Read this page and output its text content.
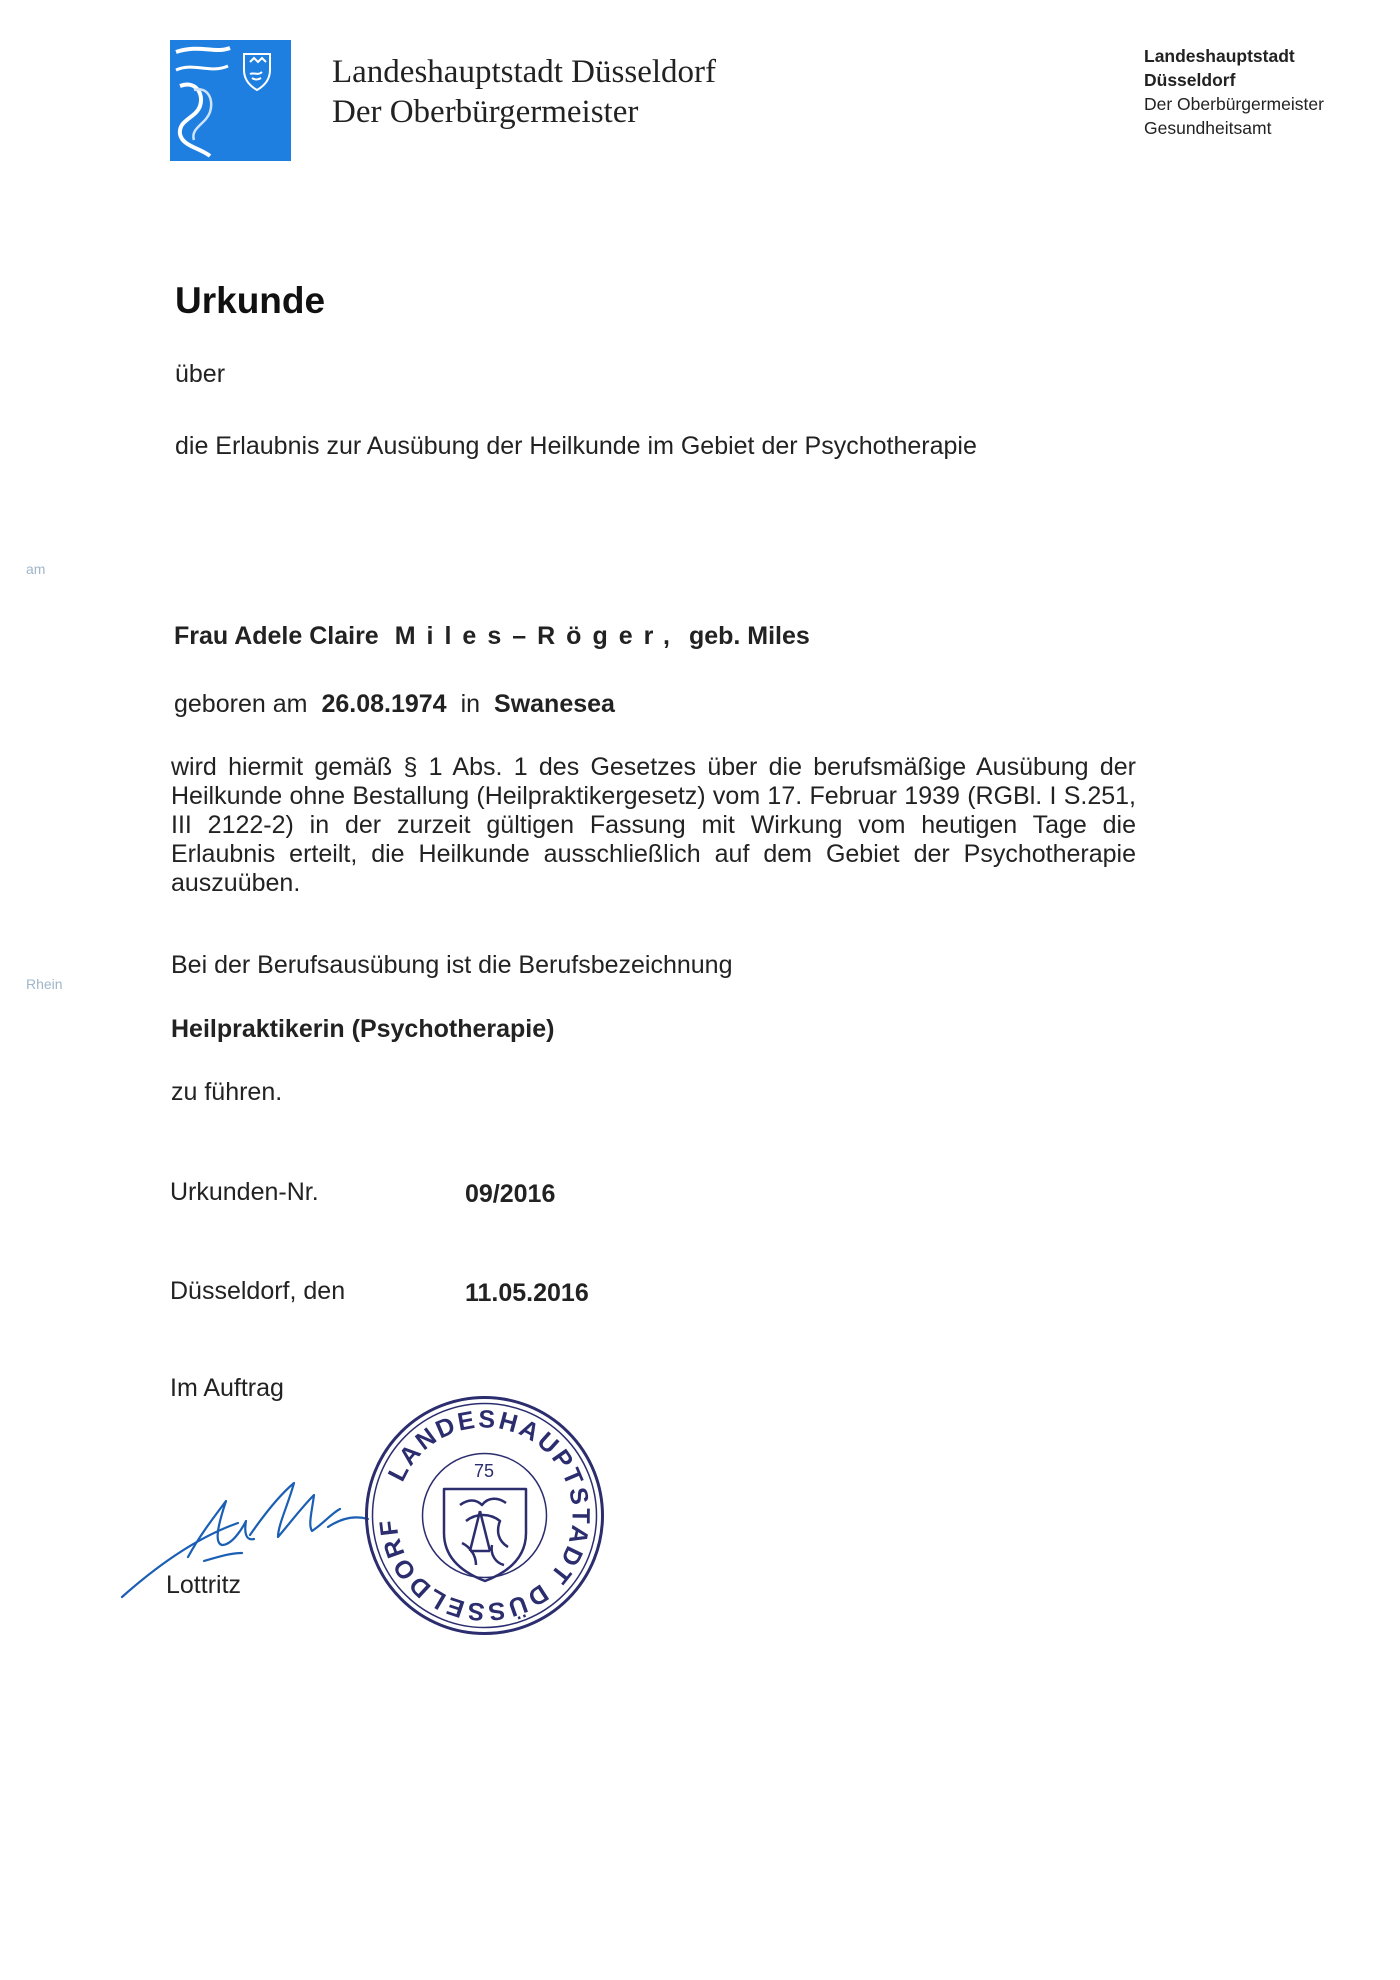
Landeshauptstadt Düsseldorf
Der Oberbürgermeister
Landeshauptstadt
Düsseldorf
Der Oberbürgermeister
Gesundheitsamt
am
Rhein
Urkunde
über
die Erlaubnis zur Ausübung der Heilkunde im Gebiet der Psychotherapie
Frau Adele Claire Miles–Röger, geb. Miles
geboren am 26.08.1974 in Swanesea
wird hiermit gemäß § 1 Abs. 1 des Gesetzes über die berufsmäßige Ausübung der Heilkunde ohne Bestallung (Heilpraktikergesetz) vom 17. Februar 1939 (RGBl. I S.251, III 2122-2) in der zurzeit gültigen Fassung mit Wirkung vom heutigen Tage die Erlaubnis erteilt, die Heilkunde ausschließlich auf dem Gebiet der Psychotherapie auszuüben.
Bei der Berufsausübung ist die Berufsbezeichnung
Heilpraktikerin (Psychotherapie)
zu führen.
Urkunden-Nr.	09/2016
Düsseldorf, den	11.05.2016
Im Auftrag
Lottritz
LANDESHAUPTSTADT DÜSSELDORF
75
